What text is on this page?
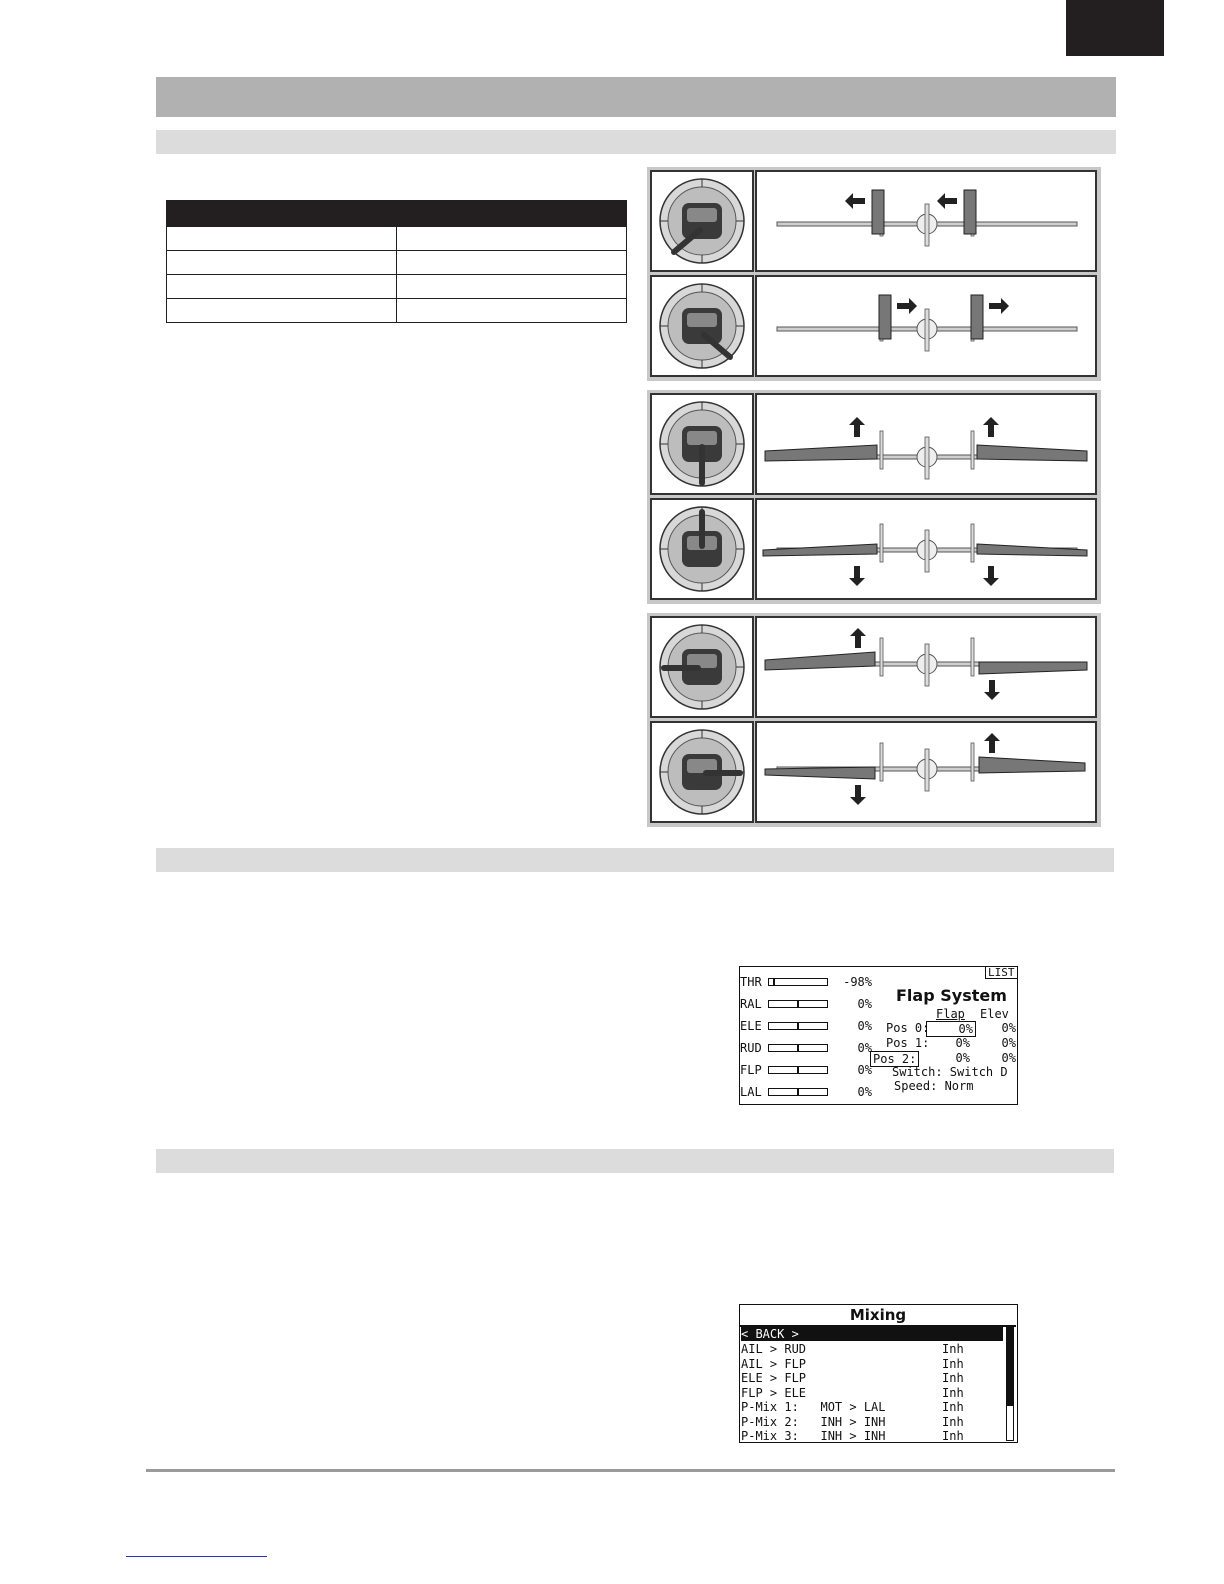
LIST
THR	-98%
RAL	0%
ELE	0%
RUD	0%
FLP	0%
LAL	0%
Flap System
Flap Elev
Pos 0:	0%	0%
Pos 1:	0%	0%
Pos 2:	0%	0%
Switch: Switch D
Speed: Norm
Mixing
< BACK >
AIL > RUD	Inh
AIL > FLP	Inh
ELE > FLP	Inh
FLP > ELE	Inh
P-Mix 1:   MOT > LAL	Inh
P-Mix 2:   INH > INH	Inh
P-Mix 3:   INH > INH	Inh
